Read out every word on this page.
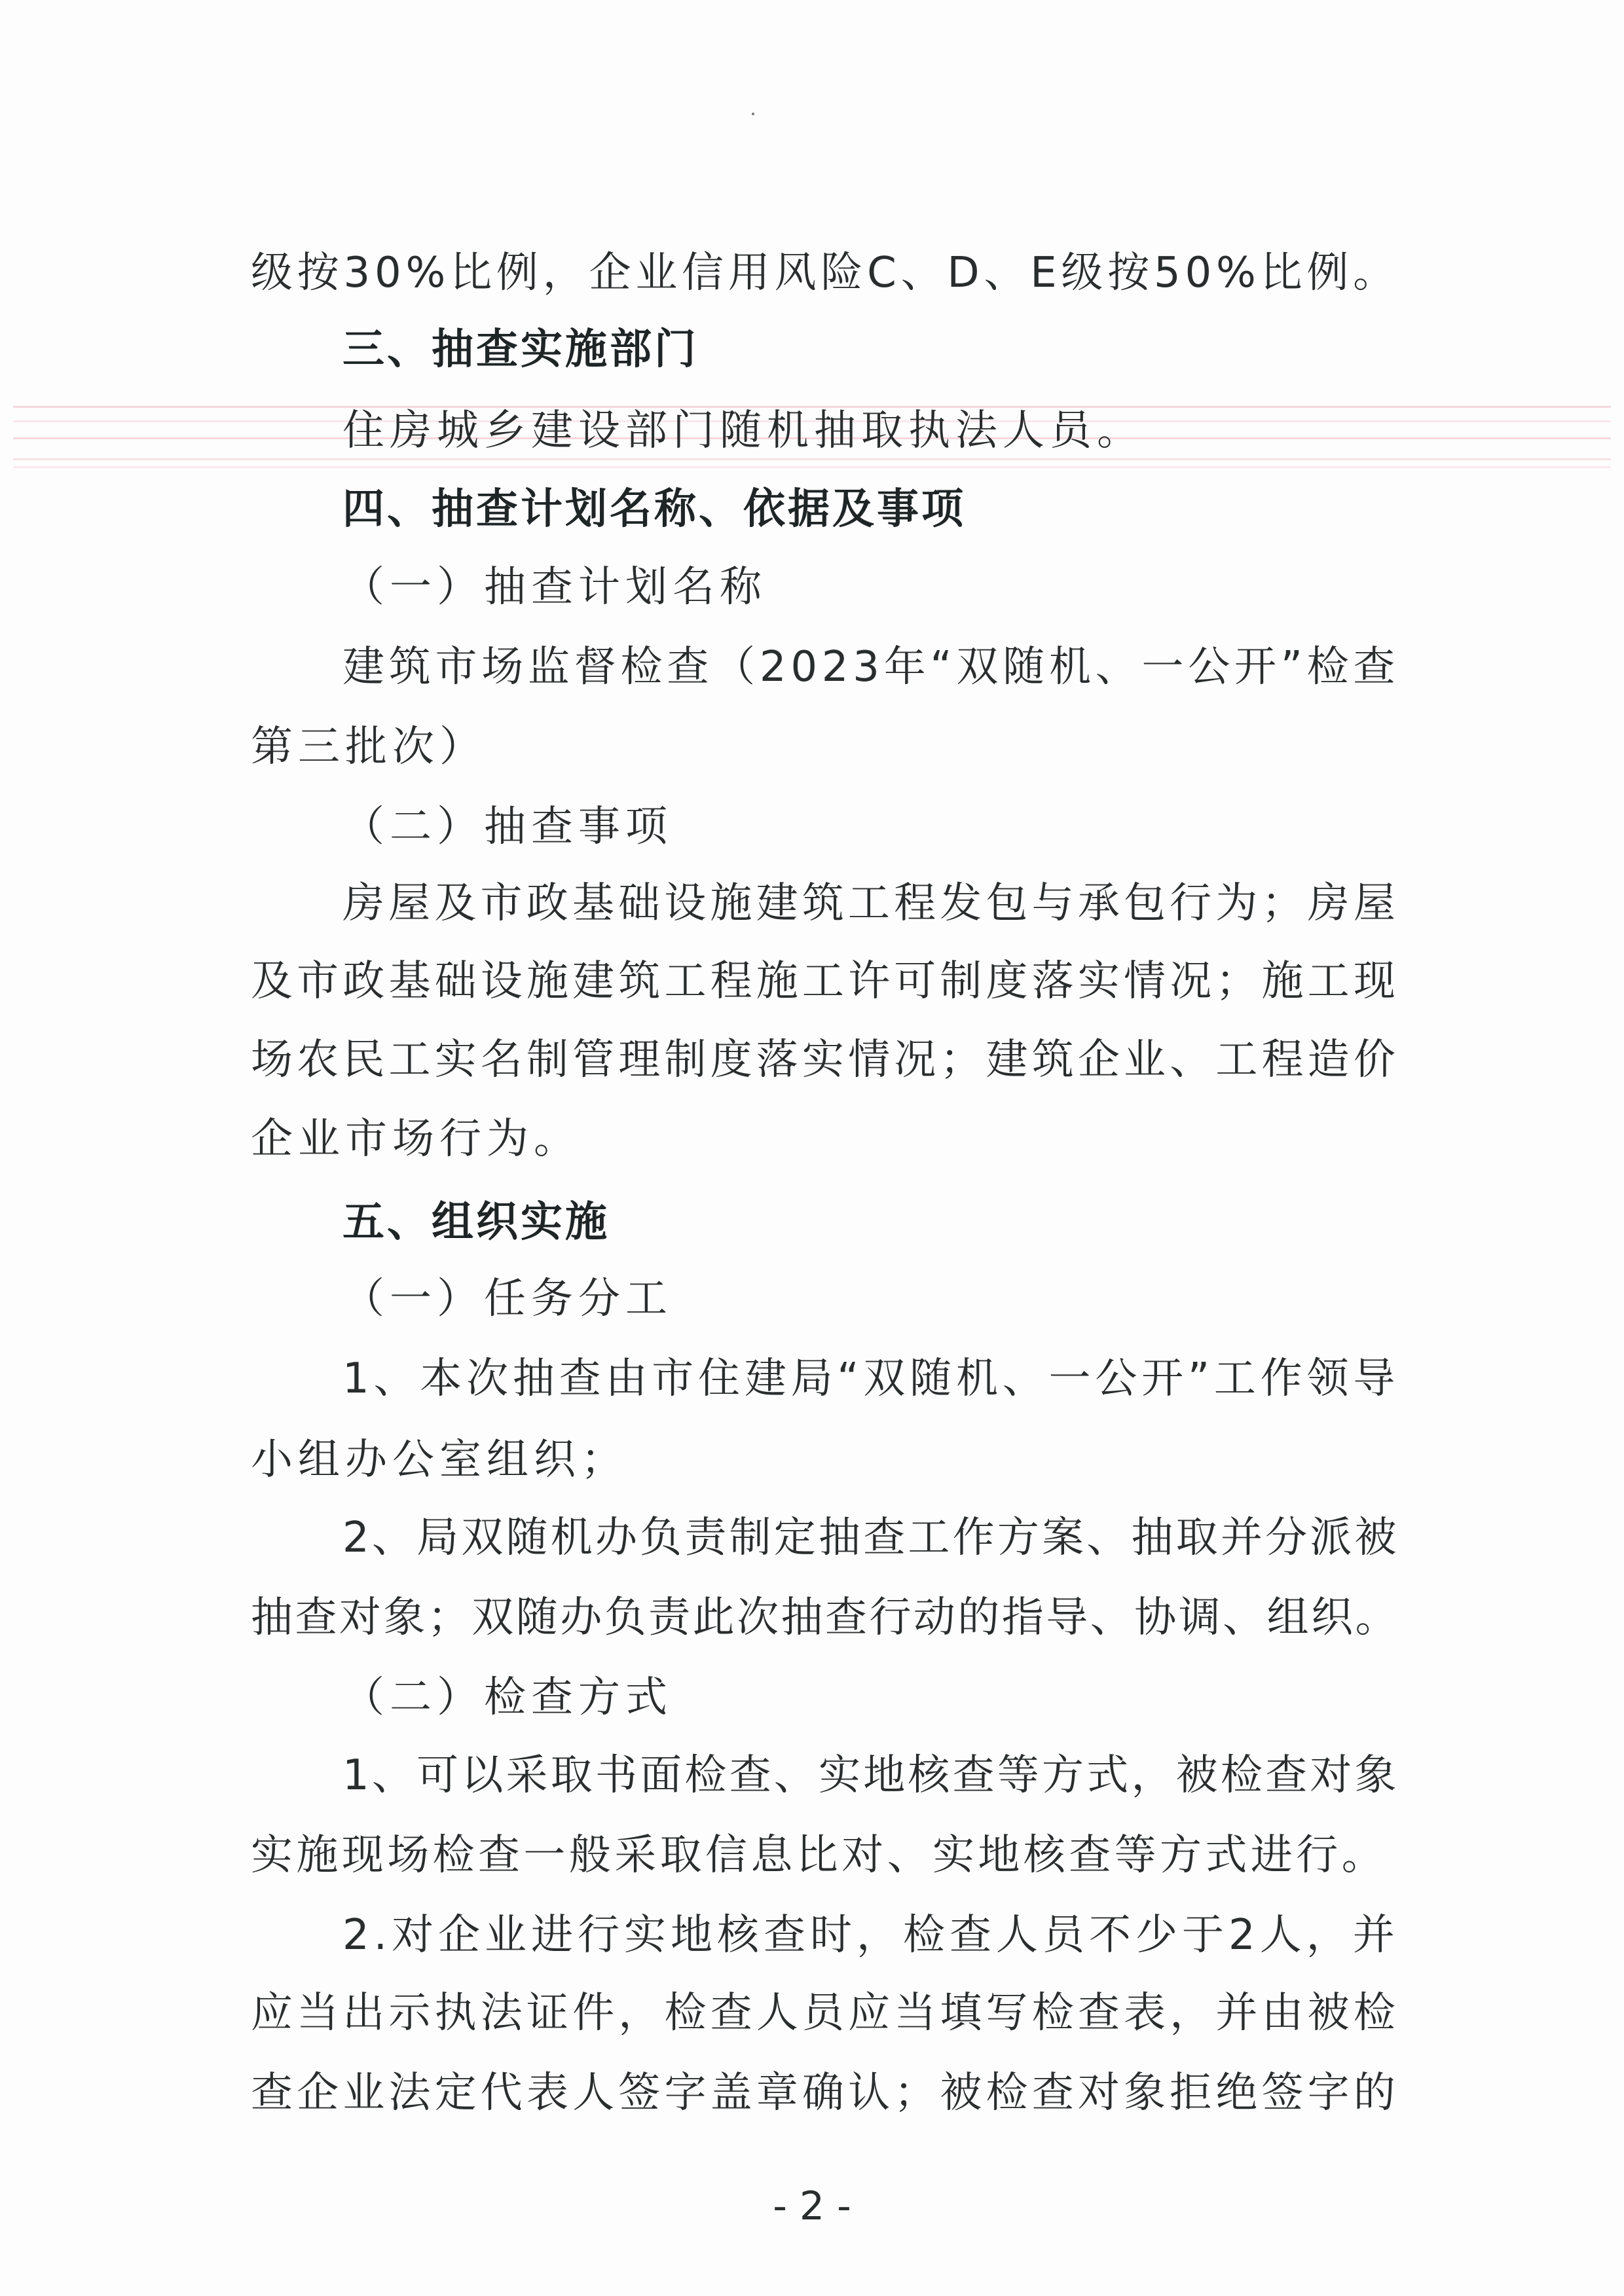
级按30%比例，企业信用风险C、D、E级按50%比例。
三、抽查实施部门
住房城乡建设部门随机抽取执法人员。
四、抽查计划名称、依据及事项
（一）抽查计划名称
建筑市场监督检查（2023年“双随机、一公开”检查
第三批次）
（二）抽查事项
房屋及市政基础设施建筑工程发包与承包行为；房屋
及市政基础设施建筑工程施工许可制度落实情况；施工现
场农民工实名制管理制度落实情况；建筑企业、工程造价
企业市场行为。
五、组织实施
（一）任务分工
1、本次抽查由市住建局“双随机、一公开”工作领导
小组办公室组织；
2、局双随机办负责制定抽查工作方案、抽取并分派被
抽查对象；双随办负责此次抽查行动的指导、协调、组织。
（二）检查方式
1、可以采取书面检查、实地核查等方式，被检查对象
实施现场检查一般采取信息比对、实地核查等方式进行。
2.对企业进行实地核查时，检查人员不少于2人，并
应当出示执法证件，检查人员应当填写检查表，并由被检
查企业法定代表人签字盖章确认；被检查对象拒绝签字的
- 2 -
